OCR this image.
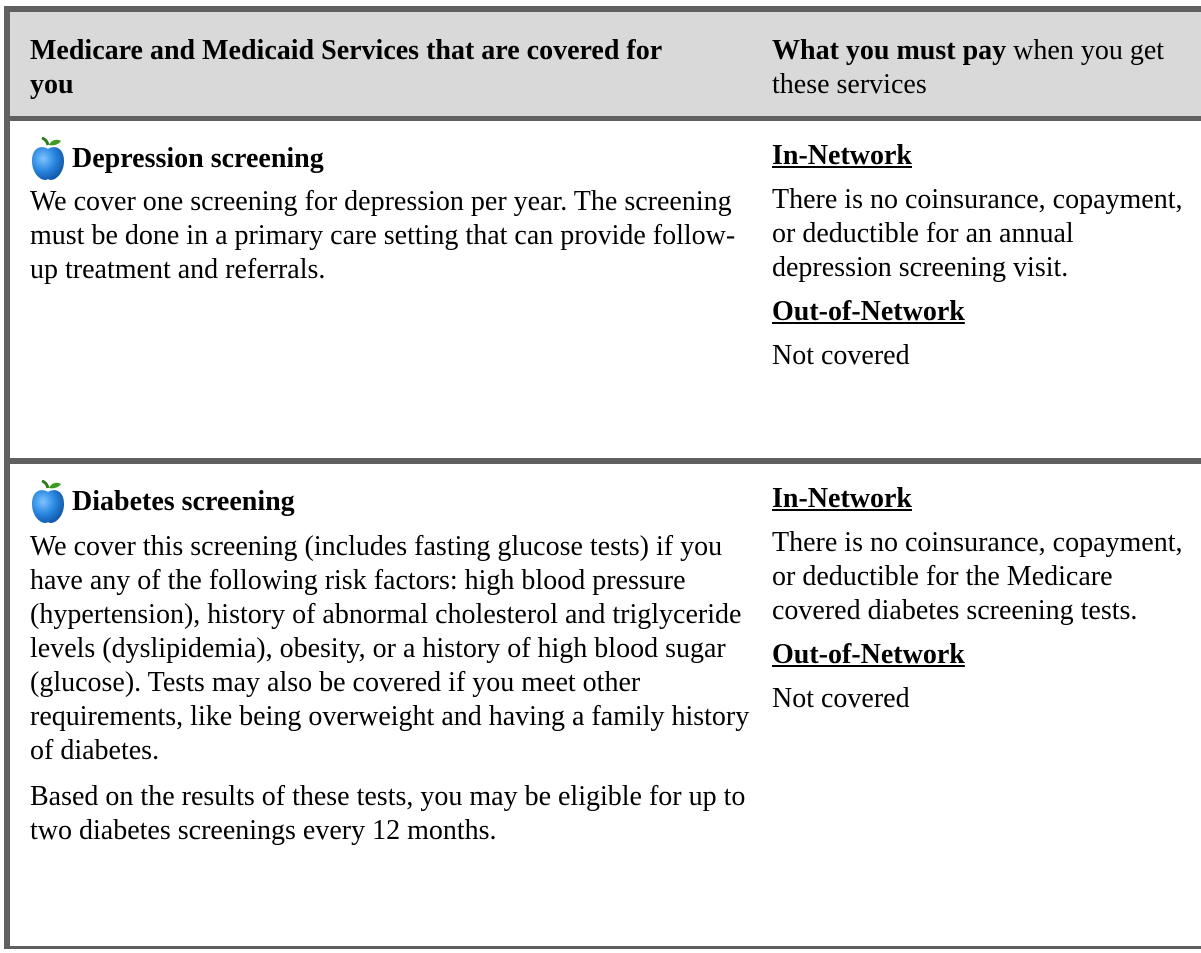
Medicare and Medicaid Services that are covered for you
What you must pay when you get these services
Depression screening

We cover one screening for depression per year. The screening must be done in a primary care setting that can provide follow-up treatment and referrals.

In-Network

There is no coinsurance, copayment, or deductible for an annual depression screening visit.

Out-of-Network

Not covered

Diabetes screening

We cover this screening (includes fasting glucose tests) if you have any of the following risk factors: high blood pressure (hypertension), history of abnormal cholesterol and triglyceride levels (dyslipidemia), obesity, or a history of high blood sugar (glucose). Tests may also be covered if you meet other requirements, like being overweight and having a family history of diabetes.

Based on the results of these tests, you may be eligible for up to two diabetes screenings every 12 months.

In-Network

There is no coinsurance, copayment, or deductible for the Medicare covered diabetes screening tests.

Out-of-Network

Not covered
